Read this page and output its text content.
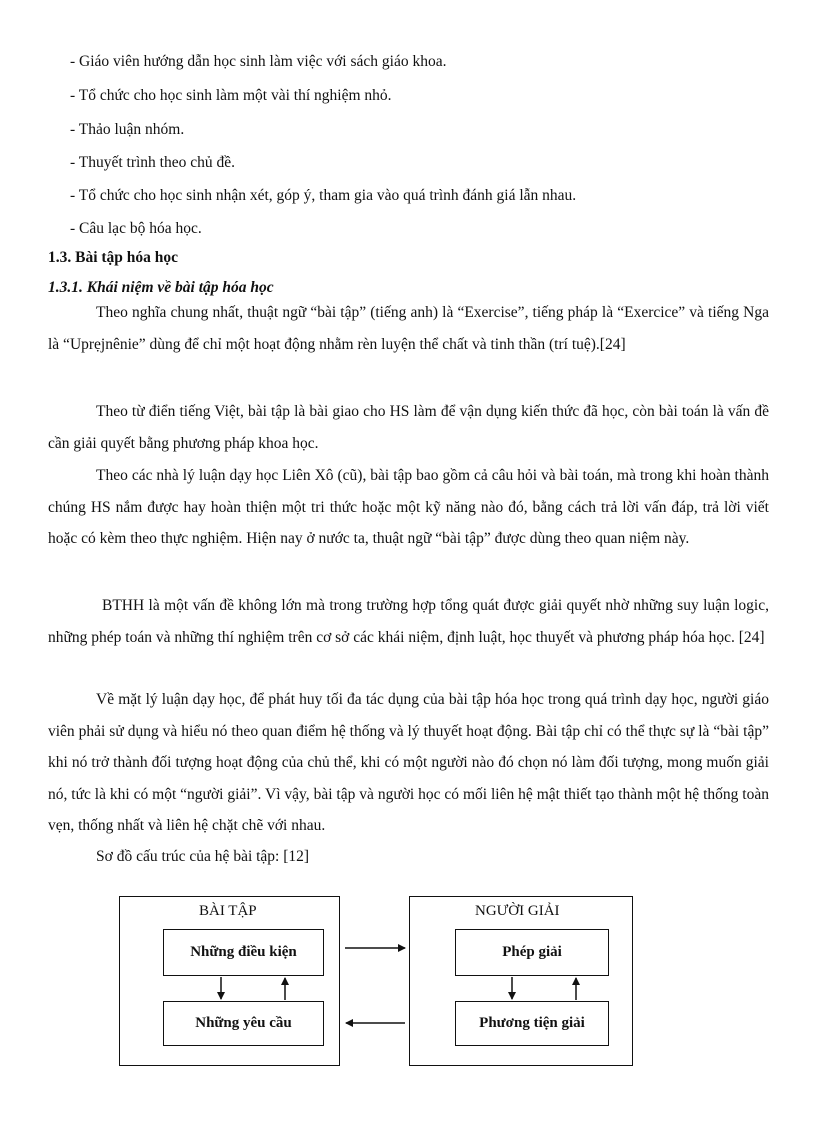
- Giáo viên hướng dẫn học sinh làm việc với sách giáo khoa.
- Tổ chức cho học sinh làm một vài thí nghiệm nhỏ.
- Thảo luận nhóm.
- Thuyết trình theo chủ đề.
- Tổ chức cho học sinh nhận xét, góp ý, tham gia vào quá trình đánh giá lẫn nhau.
- Câu lạc bộ hóa học.
1.3. Bài tập hóa học
1.3.1. Khái niệm về bài tập hóa học

Theo nghĩa chung nhất, thuật ngữ “bài tập” (tiếng anh) là “Exercise”, tiếng pháp là “Exercice” và tiếng Nga là “Uprẹjnênie” dùng để chỉ một hoạt động nhằm rèn luyện thể chất và tinh thần (trí tuệ).[24]

Theo từ điển tiếng Việt, bài tập là bài giao cho HS làm để vận dụng kiến thức đã học, còn bài toán là vấn đề cần giải quyết bằng phương pháp khoa học.

Theo các nhà lý luận dạy học Liên Xô (cũ), bài tập bao gồm cả câu hỏi và bài toán, mà trong khi hoàn thành chúng HS nắm được hay hoàn thiện một tri thức hoặc một kỹ năng nào đó, bằng cách trả lời vấn đáp, trả lời viết hoặc có kèm theo thực nghiệm. Hiện nay ở nước ta, thuật ngữ “bài tập” được dùng theo quan niệm này.

BTHH là một vấn đề không lớn mà trong trường hợp tổng quát được giải quyết nhờ những suy luận logic, những phép toán và những thí nghiệm trên cơ sở các khái niệm, định luật, học thuyết và phương pháp hóa học. [24]

Về mặt lý luận dạy học, để phát huy tối đa tác dụng của bài tập hóa học trong quá trình dạy học, người giáo viên phải sử dụng và hiểu nó theo quan điểm hệ thống và lý thuyết hoạt động. Bài tập chỉ có thể thực sự là “bài tập” khi nó trở thành đối tượng hoạt động của chủ thể, khi có một người nào đó chọn nó làm đối tượng, mong muốn giải nó, tức là khi có một “người giải”. Vì vậy, bài tập và người học có mối liên hệ mật thiết tạo thành một hệ thống toàn vẹn, thống nhất và liên hệ chặt chẽ với nhau.

Sơ đồ cấu trúc của hệ bài tập: [12]
BÀI TẬP
Những điều kiện
Những yêu cầu
NGƯỜI GIẢI
Phép giải
Phương tiện giải
